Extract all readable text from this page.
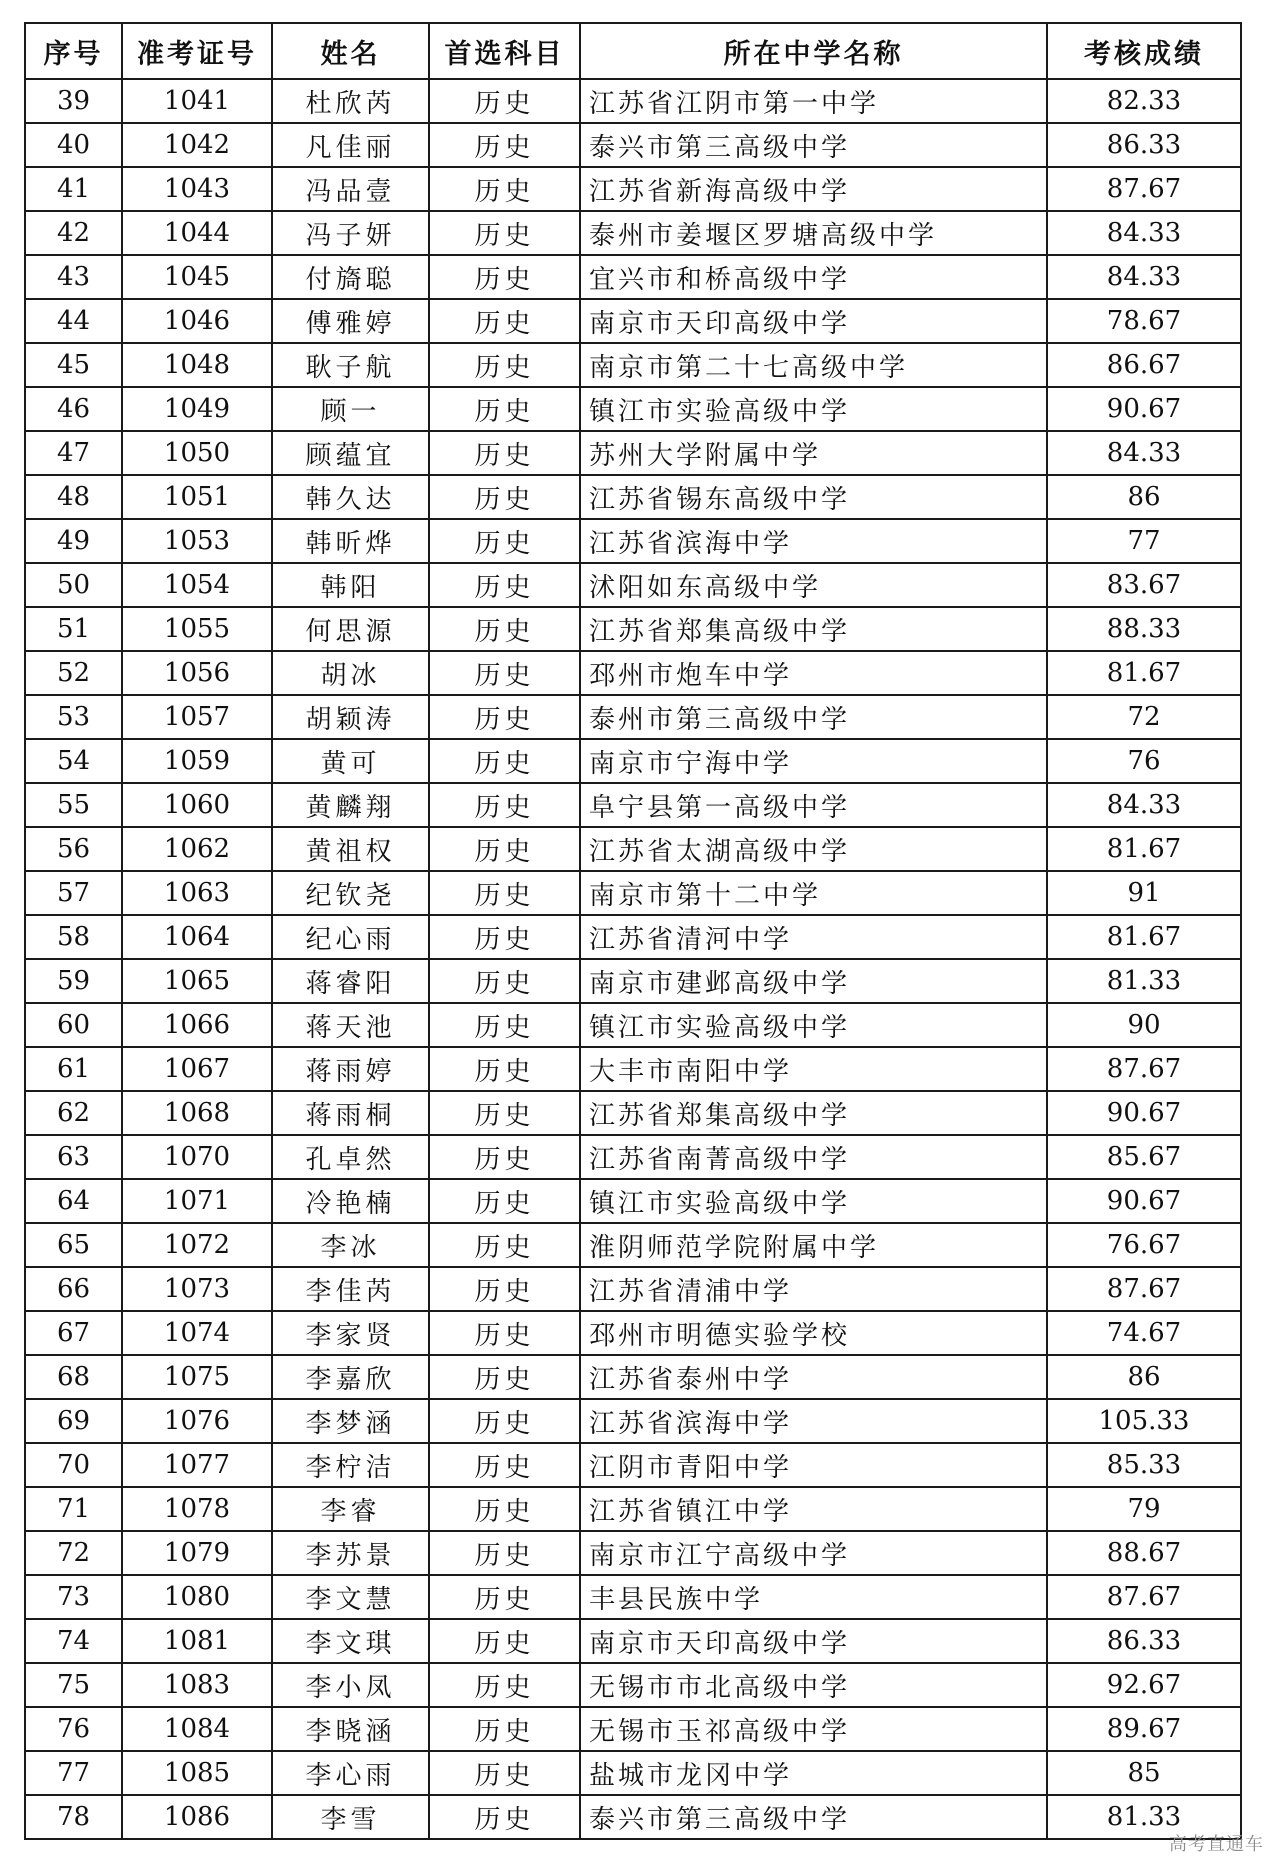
序号	准考证号	姓名	首选科目	所在中学名称	考核成绩
39	1041	杜欣芮	历史	江苏省江阴市第一中学	82.33
40	1042	凡佳丽	历史	泰兴市第三高级中学	86.33
41	1043	冯品壹	历史	江苏省新海高级中学	87.67
42	1044	冯子妍	历史	泰州市姜堰区罗塘高级中学	84.33
43	1045	付旖聪	历史	宜兴市和桥高级中学	84.33
44	1046	傅雅婷	历史	南京市天印高级中学	78.67
45	1048	耿子航	历史	南京市第二十七高级中学	86.67
46	1049	顾一	历史	镇江市实验高级中学	90.67
47	1050	顾蕴宜	历史	苏州大学附属中学	84.33
48	1051	韩久达	历史	江苏省锡东高级中学	86
49	1053	韩昕烨	历史	江苏省滨海中学	77
50	1054	韩阳	历史	沭阳如东高级中学	83.67
51	1055	何思源	历史	江苏省郑集高级中学	88.33
52	1056	胡冰	历史	邳州市炮车中学	81.67
53	1057	胡颖涛	历史	泰州市第三高级中学	72
54	1059	黄可	历史	南京市宁海中学	76
55	1060	黄麟翔	历史	阜宁县第一高级中学	84.33
56	1062	黄祖权	历史	江苏省太湖高级中学	81.67
57	1063	纪钦尧	历史	南京市第十二中学	91
58	1064	纪心雨	历史	江苏省清河中学	81.67
59	1065	蒋睿阳	历史	南京市建邺高级中学	81.33
60	1066	蒋天池	历史	镇江市实验高级中学	90
61	1067	蒋雨婷	历史	大丰市南阳中学	87.67
62	1068	蒋雨桐	历史	江苏省郑集高级中学	90.67
63	1070	孔卓然	历史	江苏省南菁高级中学	85.67
64	1071	冷艳楠	历史	镇江市实验高级中学	90.67
65	1072	李冰	历史	淮阴师范学院附属中学	76.67
66	1073	李佳芮	历史	江苏省清浦中学	87.67
67	1074	李家贤	历史	邳州市明德实验学校	74.67
68	1075	李嘉欣	历史	江苏省泰州中学	86
69	1076	李梦涵	历史	江苏省滨海中学	105.33
70	1077	李柠洁	历史	江阴市青阳中学	85.33
71	1078	李睿	历史	江苏省镇江中学	79
72	1079	李苏景	历史	南京市江宁高级中学	88.67
73	1080	李文慧	历史	丰县民族中学	87.67
74	1081	李文琪	历史	南京市天印高级中学	86.33
75	1083	李小凤	历史	无锡市市北高级中学	92.67
76	1084	李晓涵	历史	无锡市玉祁高级中学	89.67
77	1085	李心雨	历史	盐城市龙冈中学	85
78	1086	李雪	历史	泰兴市第三高级中学	81.33
高考直通车
